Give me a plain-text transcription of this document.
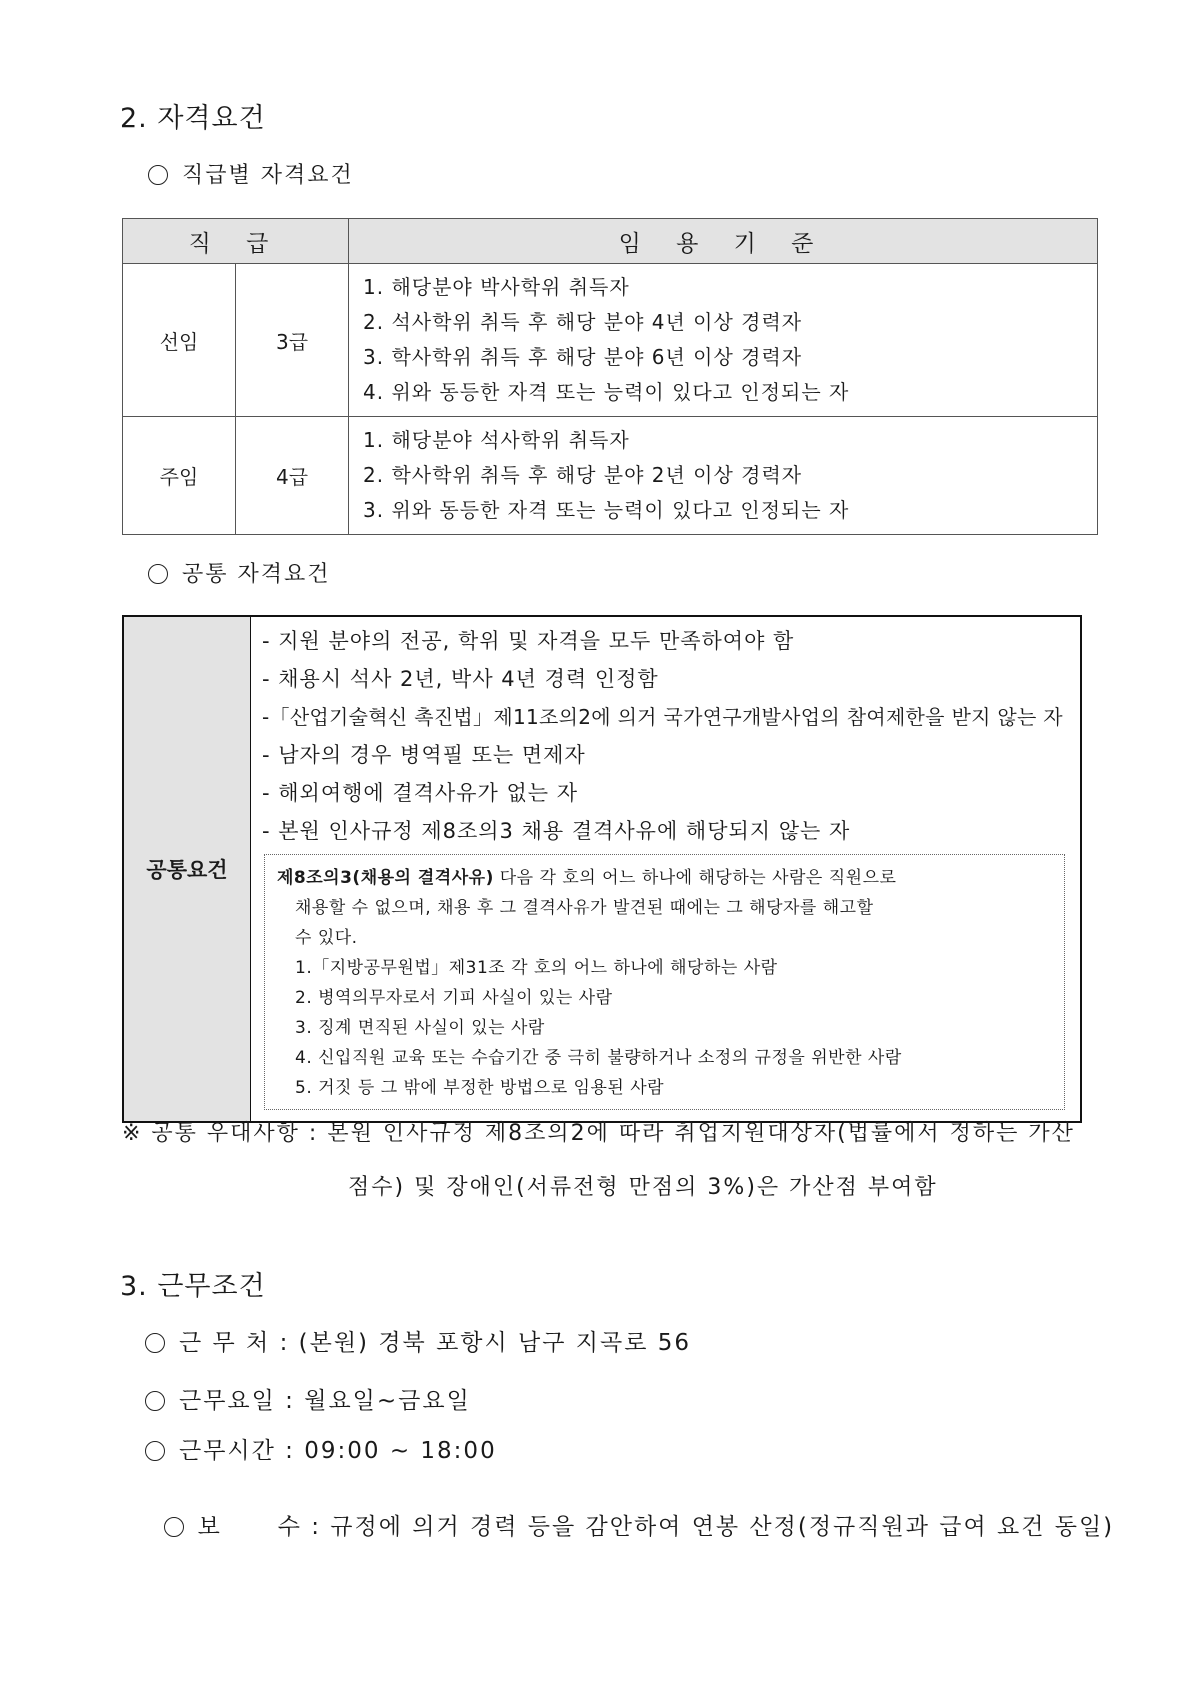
2. 자격요건
직급별 자격요건
직 급		임 용 기 준
선임	3급	1. 해당분야 박사학위 취득자
2. 석사학위 취득 후 해당 분야 4년 이상 경력자
3. 학사학위 취득 후 해당 분야 6년 이상 경력자
4. 위와 동등한 자격 또는 능력이 있다고 인정되는 자

주임	4급	1. 해당분야 석사학위 취득자
2. 학사학위 취득 후 해당 분야 2년 이상 경력자
3. 위와 동등한 자격 또는 능력이 있다고 인정되는 자
공통 자격요건
공통요건	
- 지원 분야의 전공, 학위 및 자격을 모두 만족하여야 함
- 채용시 석사 2년, 박사 4년 경력 인정함
-「산업기술혁신 촉진법」제11조의2에 의거 국가연구개발사업의 참여제한을 받지 않는 자
- 남자의 경우 병역필 또는 면제자
- 해외여행에 결격사유가 없는 자
- 본원 인사규정 제8조의3 채용 결격사유에 해당되지 않는 자
제8조의3(채용의 결격사유) 다음 각 호의 어느 하나에 해당하는 사람은 직원으로
채용할 수 없으며, 채용 후 그 결격사유가 발견된 때에는 그 해당자를 해고할
수 있다.
1.「지방공무원법」제31조 각 호의 어느 하나에 해당하는 사람
2. 병역의무자로서 기피 사실이 있는 사람
3. 징계 면직된 사실이 있는 사람
4. 신입직원 교육 또는 수습기간 중 극히 불량하거나 소정의 규정을 위반한 사람
5. 거짓 등 그 밖에 부정한 방법으로 임용된 사람
※ 공통 우대사항 : 본원 인사규정 제8조의2에 따라 취업지원대상자(법률에서 정하는 가산
점수) 및 장애인(서류전형 만점의 3%)은 가산점 부여함
3. 근무조건
근 무 처 : (본원) 경북 포항시 남구 지곡로 56
근무요일 : 월요일~금요일
근무시간 : 09:00 ~ 18:00

보      수 : 규정에 의거 경력 등을 감안하여 연봉 산정(정규직원과 급여 요건 동일)
